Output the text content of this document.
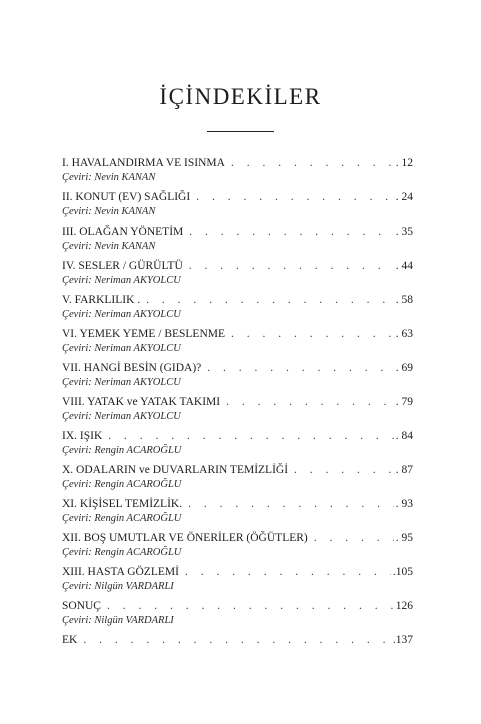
İÇİNDEKİLER
I. HAVALANDIRMA VE ISINMA . . .	. 12
Çeviri: Nevin KANAN
II. KONUT (EV) SAĞLIĞI . . .	. 24
Çeviri: Nevin KANAN
III. OLAĞAN YÖNETİM . . .	. 35
Çeviri: Nevin KANAN
IV. SESLER / GÜRÜLTÜ . . .	. 44
Çeviri: Neriman AKYOLCU
V. FARKLILIK . . . .	. 58
Çeviri: Neriman AKYOLCU
VI. YEMEK YEME / BESLENME . . .	. 63
Çeviri: Neriman AKYOLCU
VII. HANGİ BESİN (GIDA)? . . .	. 69
Çeviri: Neriman AKYOLCU
VIII. YATAK ve YATAK TAKIMI . . .	. 79
Çeviri: Neriman AKYOLCU
IX. IŞIK . . .	. 84
Çeviri: Rengin ACAROĞLU
X. ODALARIN ve DUVARLARIN TEMİZLİĞİ . . .	. 87
Çeviri: Rengin ACAROĞLU
XI. KİŞİSEL TEMİZLİK. . . .	. 93
Çeviri: Rengin ACAROĞLU
XII. BOŞ UMUTLAR VE ÖNERİLER (ÖĞÜTLER) . . .	. 95
Çeviri: Rengin ACAROĞLU
XIII. HASTA GÖZLEMİ . . .	.105
Çeviri: Nilgün VARDARLI
SONUÇ . . .	126
Çeviri: Nilgün VARDARLI
EK . . .	.137
